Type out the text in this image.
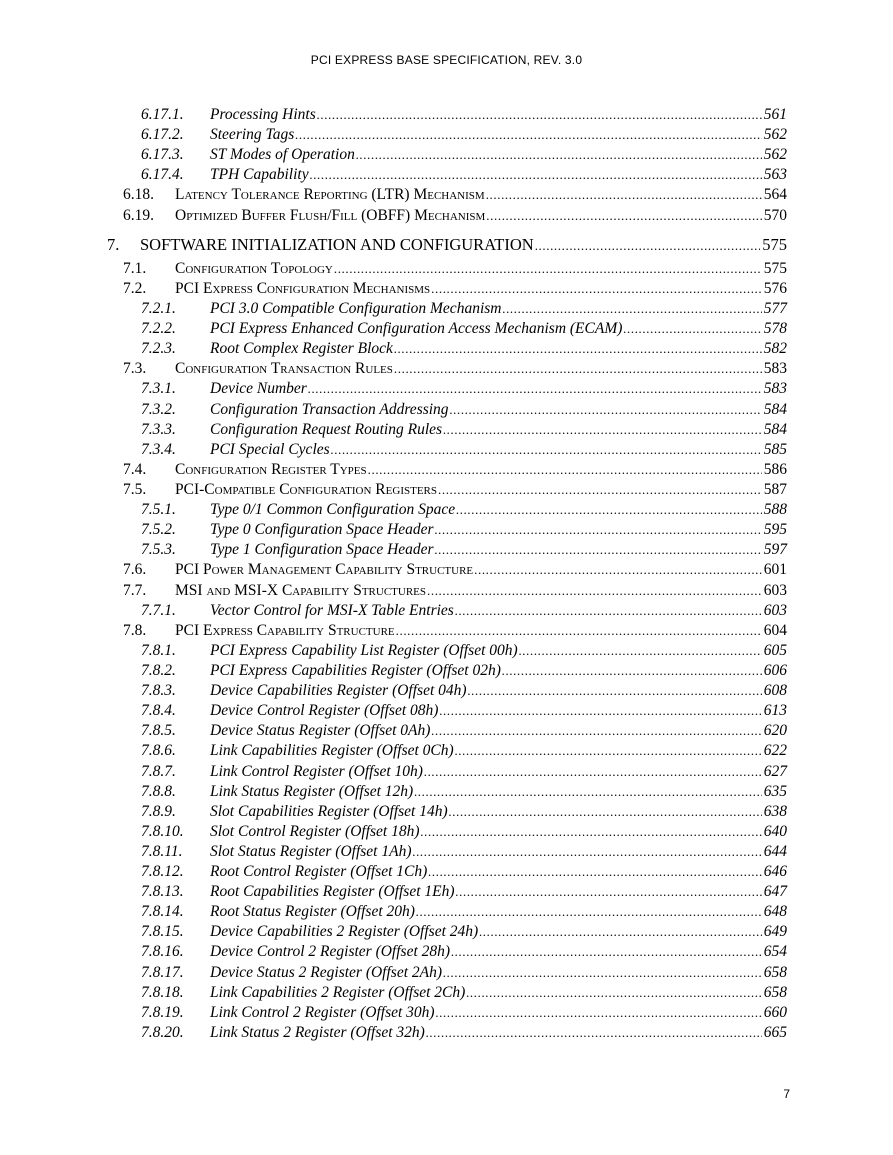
PCI EXPRESS BASE SPECIFICATION, REV. 3.0
6.17.1. Processing Hints .....	561
6.17.2. Steering Tags .....	562
6.17.3. ST Modes of Operation .....	562
6.17.4. TPH Capability .....	563
6.18. Latency Tolerance Reporting (LTR) Mechanism .....	564
6.19. Optimized Buffer Flush/Fill (OBFF) Mechanism .....	570
7. SOFTWARE INITIALIZATION AND CONFIGURATION .....	575
7.1. Configuration Topology .....	575
7.2. PCI Express Configuration Mechanisms .....	576
7.2.1. PCI 3.0 Compatible Configuration Mechanism .....	577
7.2.2. PCI Express Enhanced Configuration Access Mechanism (ECAM) .....	578
7.2.3. Root Complex Register Block .....	582
7.3. Configuration Transaction Rules .....	583
7.3.1. Device Number .....	583
7.3.2. Configuration Transaction Addressing .....	584
7.3.3. Configuration Request Routing Rules .....	584
7.3.4. PCI Special Cycles .....	585
7.4. Configuration Register Types .....	586
7.5. PCI-Compatible Configuration Registers .....	587
7.5.1. Type 0/1 Common Configuration Space .....	588
7.5.2. Type 0 Configuration Space Header .....	595
7.5.3. Type 1 Configuration Space Header .....	597
7.6. PCI Power Management Capability Structure .....	601
7.7. MSI and MSI-X Capability Structures .....	603
7.7.1. Vector Control for MSI-X Table Entries .....	603
7.8. PCI Express Capability Structure .....	604
7.8.1. PCI Express Capability List Register (Offset 00h) .....	605
7.8.2. PCI Express Capabilities Register (Offset 02h) .....	606
7.8.3. Device Capabilities Register (Offset 04h) .....	608
7.8.4. Device Control Register (Offset 08h) .....	613
7.8.5. Device Status Register (Offset 0Ah) .....	620
7.8.6. Link Capabilities Register (Offset 0Ch) .....	622
7.8.7. Link Control Register (Offset 10h) .....	627
7.8.8. Link Status Register (Offset 12h) .....	635
7.8.9. Slot Capabilities Register (Offset 14h) .....	638
7.8.10. Slot Control Register (Offset 18h) .....	640
7.8.11. Slot Status Register (Offset 1Ah) .....	644
7.8.12. Root Control Register (Offset 1Ch) .....	646
7.8.13. Root Capabilities Register (Offset 1Eh) .....	647
7.8.14. Root Status Register (Offset 20h) .....	648
7.8.15. Device Capabilities 2 Register (Offset 24h) .....	649
7.8.16. Device Control 2 Register (Offset 28h) .....	654
7.8.17. Device Status 2 Register (Offset 2Ah) .....	658
7.8.18. Link Capabilities 2 Register (Offset 2Ch) .....	658
7.8.19. Link Control 2 Register (Offset 30h) .....	660
7.8.20. Link Status 2 Register (Offset 32h) .....	665
7
